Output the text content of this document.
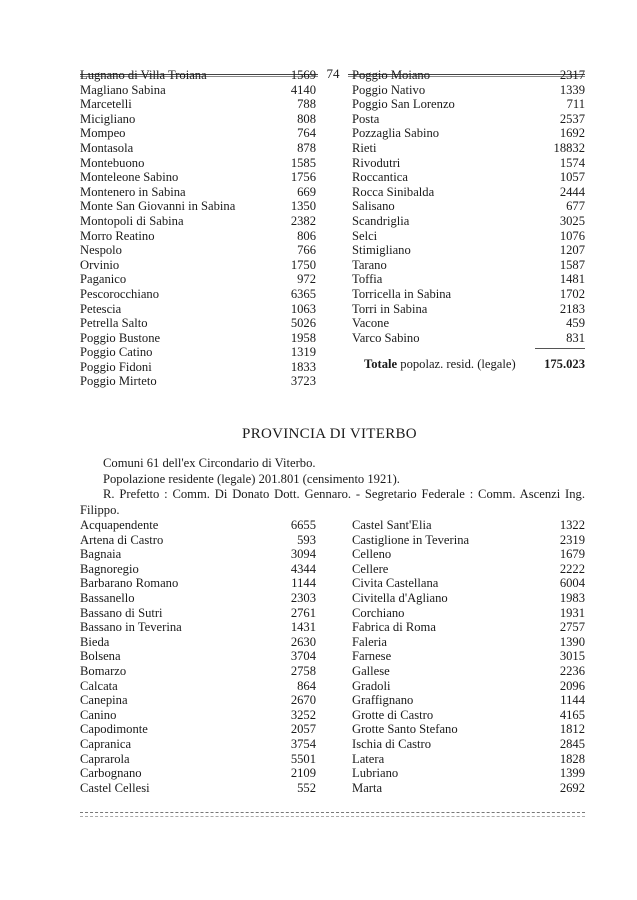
74
Lugnano di Villa Troiana	1569
Magliano Sabina	4140
Marcetelli	788
Micigliano	808
Mompeo	764
Montasola	878
Montebuono	1585
Monteleone Sabino	1756
Montenero in Sabina	669
Monte San Giovanni in Sabina	1350
Montopoli di Sabina	2382
Morro Reatino	806
Nespolo	766
Orvinio	1750
Paganico	972
Pescorocchiano	6365
Petescia	1063
Petrella Salto	5026
Poggio Bustone	1958
Poggio Catino	1319
Poggio Fidoni	1833
Poggio Mirteto	3723
Poggio Moiano	2317
Poggio Nativo	1339
Poggio San Lorenzo	711
Posta	2537
Pozzaglia Sabino	1692
Rieti	18832
Rivodutri	1574
Roccantica	1057
Rocca Sinibalda	2444
Salisano	677
Scandriglia	3025
Selci	1076
Stimigliano	1207
Tarano	1587
Toffia	1481
Torricella in Sabina	1702
Torri in Sabina	2183
Vacone	459
Varco Sabino	831
Totale popolaz. resid. (legale) 175.023
PROVINCIA DI VITERBO

Comuni 61 dell'ex Circondario di Viterbo.

Popolazione residente (legale) 201.801 (censimento 1921).

R. Prefetto : Comm. Di Donato Dott. Gennaro. - Segretario Federale : Comm. Ascenzi Ing. Filippo.

Acquapendente	6655
Artena di Castro	593
Bagnaia	3094
Bagnoregio	4344
Barbarano Romano	1144
Bassanello	2303
Bassano di Sutri	2761
Bassano in Teverina	1431
Bieda	2630
Bolsena	3704
Bomarzo	2758
Calcata	864
Canepina	2670
Canino	3252
Capodimonte	2057
Capranica	3754
Caprarola	5501
Carbognano	2109
Castel Cellesi	552
Castel Sant'Elia	1322
Castiglione in Teverina	2319
Celleno	1679
Cellere	2222
Civita Castellana	6004
Civitella d'Agliano	1983
Corchiano	1931
Fabrica di Roma	2757
Faleria	1390
Farnese	3015
Gallese	2236
Gradoli	2096
Graffignano	1144
Grotte di Castro	4165
Grotte Santo Stefano	1812
Ischia di Castro	2845
Latera	1828
Lubriano	1399
Marta	2692
